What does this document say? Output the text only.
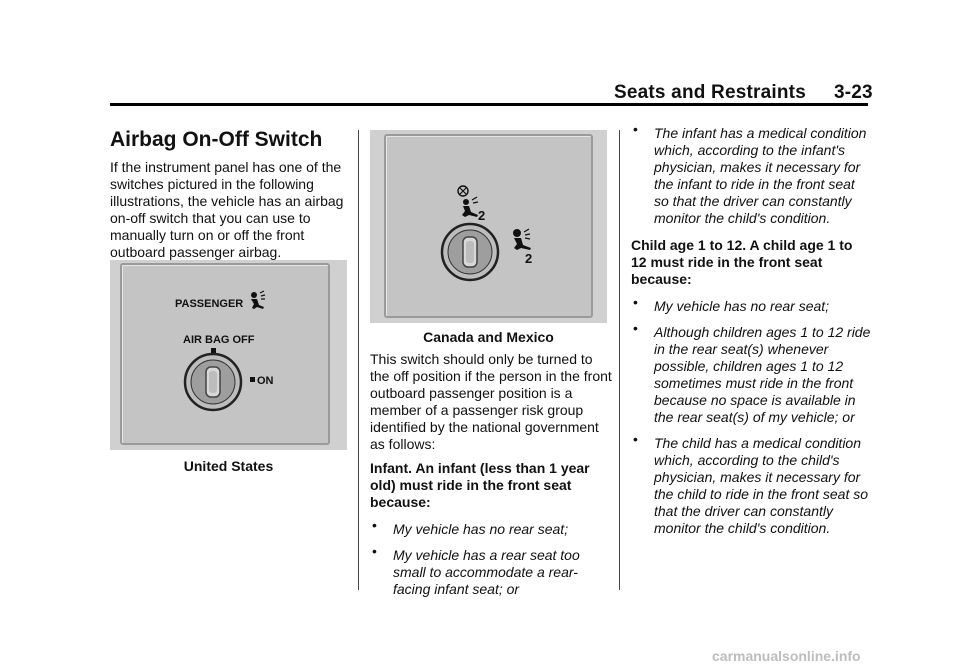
Seats and Restraints 3-23
Airbag On-Off Switch

If the instrument panel has one of the switches pictured in the following illustrations, the vehicle has an airbag on-off switch that you can use to manually turn on or off the front outboard passenger airbag.

PASSENGER
AIR BAG OFF
ON
United States
2
2
Canada and Mexico

This switch should only be turned to the off position if the person in the front outboard passenger position is a member of a passenger risk group identified by the national government as follows:

Infant. An infant (less than 1 year old) must ride in the front seat because:

• My vehicle has no rear seat;
• My vehicle has a rear seat too small to accommodate a rear-facing infant seat; or
• The infant has a medical condition which, according to the infant's physician, makes it necessary for the infant to ride in the front seat so that the driver can constantly monitor the child's condition.

Child age 1 to 12. A child age 1 to 12 must ride in the front seat because:

• My vehicle has no rear seat;
• Although children ages 1 to 12 ride in the rear seat(s) whenever possible, children ages 1 to 12 sometimes must ride in the front because no space is available in the rear seat(s) of my vehicle; or
• The child has a medical condition which, according to the child's physician, makes it necessary for the child to ride in the front seat so that the driver can constantly monitor the child's condition.
carmanualsonline.info
